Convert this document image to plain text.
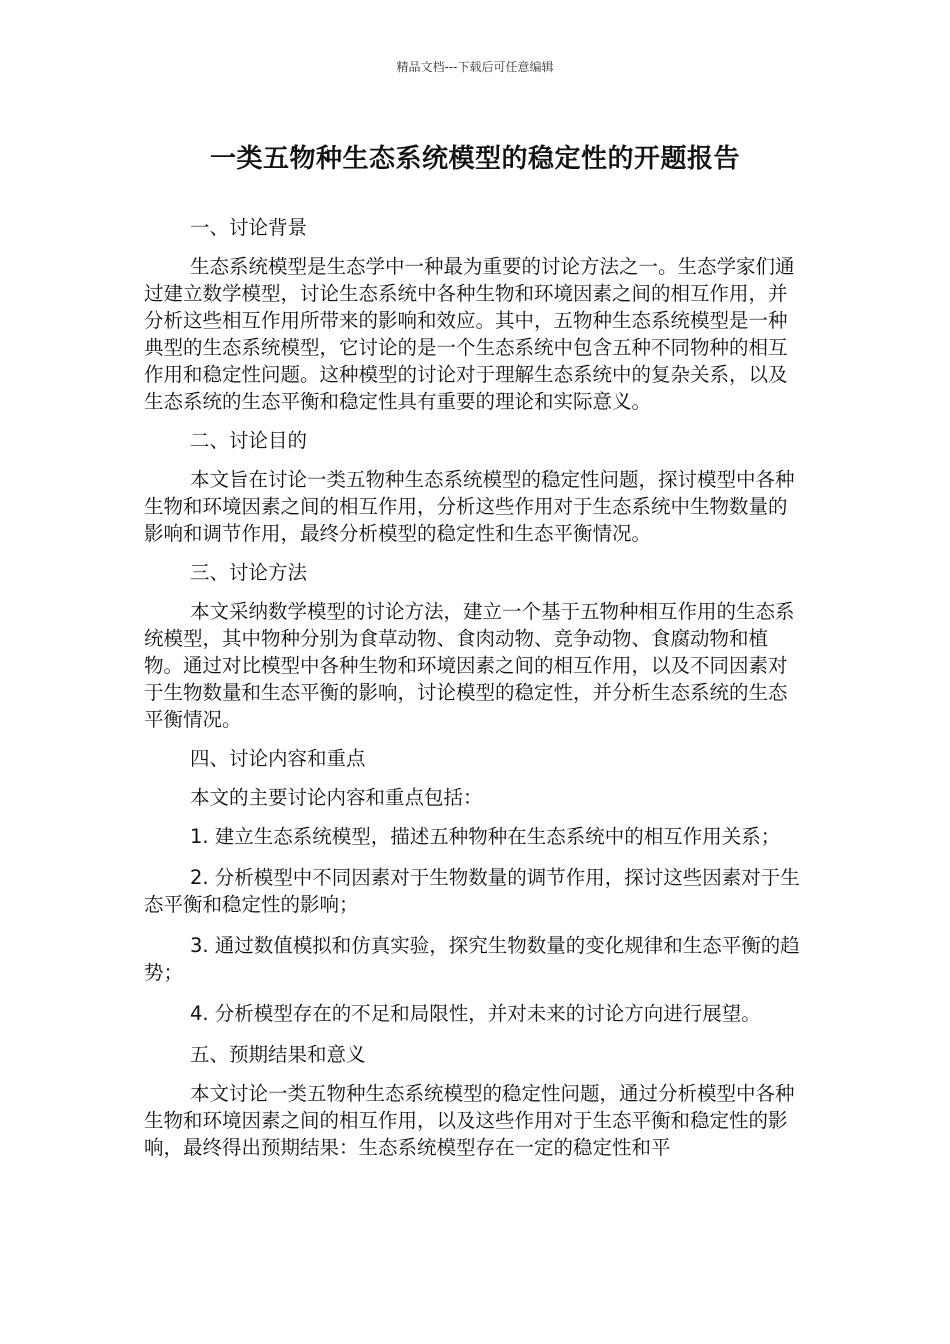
精品文档---下载后可任意编辑
一类五物种生态系统模型的稳定性的开题报告

一、讨论背景

生态系统模型是生态学中一种最为重要的讨论方法之一。生态学家们通过建立数学模型，讨论生态系统中各种生物和环境因素之间的相互作用，并分析这些相互作用所带来的影响和效应。其中，五物种生态系统模型是一种典型的生态系统模型，它讨论的是一个生态系统中包含五种不同物种的相互作用和稳定性问题。这种模型的讨论对于理解生态系统中的复杂关系，以及生态系统的生态平衡和稳定性具有重要的理论和实际意义。

二、讨论目的

本文旨在讨论一类五物种生态系统模型的稳定性问题，探讨模型中各种生物和环境因素之间的相互作用，分析这些作用对于生态系统中生物数量的影响和调节作用，最终分析模型的稳定性和生态平衡情况。

三、讨论方法

本文采纳数学模型的讨论方法，建立一个基于五物种相互作用的生态系统模型，其中物种分别为食草动物、食肉动物、竞争动物、食腐动物和植物。通过对比模型中各种生物和环境因素之间的相互作用，以及不同因素对于生物数量和生态平衡的影响，讨论模型的稳定性，并分析生态系统的生态平衡情况。

四、讨论内容和重点

本文的主要讨论内容和重点包括：

1. 建立生态系统模型，描述五种物种在生态系统中的相互作用关系；

2. 分析模型中不同因素对于生物数量的调节作用，探讨这些因素对于生态平衡和稳定性的影响；

3. 通过数值模拟和仿真实验，探究生物数量的变化规律和生态平衡的趋势；

4. 分析模型存在的不足和局限性，并对未来的讨论方向进行展望。

五、预期结果和意义

本文讨论一类五物种生态系统模型的稳定性问题，通过分析模型中各种生物和环境因素之间的相互作用，以及这些作用对于生态平衡和稳定性的影响，最终得出预期结果：生态系统模型存在一定的稳定性和平
